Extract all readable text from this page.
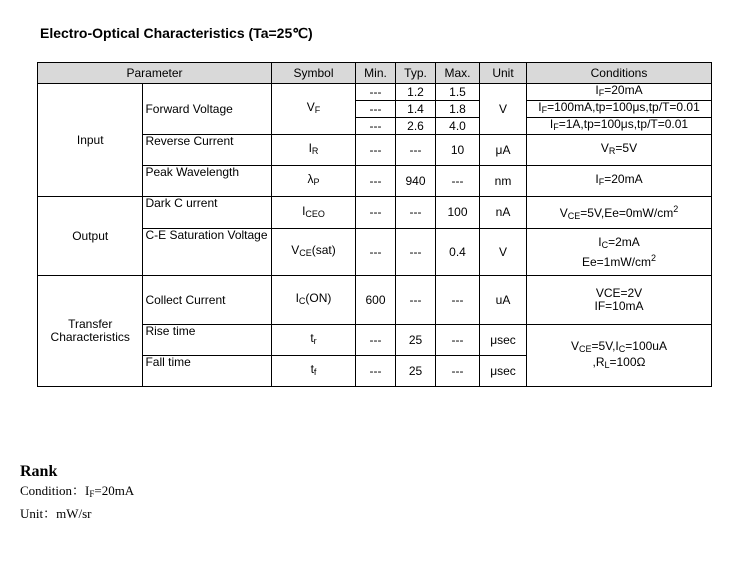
Electro-Optical Characteristics (Ta=25℃)
Parameter		Symbol	Min.	Typ.	Max.	Unit	Conditions
Input	Forward Voltage	$V_F$	---	1.2	1.5	V	$I_F=20mA$
			---	1.4	1.8		$I_F=100mA,tp=100\mu s,tp/T=0.01$
			---	2.6	4.0		$I_F=1A,tp=100\mu s,tp/T=0.01$
	Reverse Current	$I_R$	---	---	10	μA	$V_R=5V$
	Peak Wavelength	$\lambda_P$	---	940	---	nm	$I_F=20mA$
Output	Dark C urrent	$I_{CEO}$	---	---	100	nA	$V_{CE}=5V,Ee=0mW/cm^2$
	C-E Saturation Voltage	$V_{CE}(sat)$	---	---	0.4	V	$I_C=2mA$
$Ee=1mW/cm^2$

Transfer Characteristics	Collect Current	$I_C(ON)$	600	---	---	uA	VCE=2V
IF=10mA

	Rise time	$t_r$	---	25	---	μsec	$V_{CE}=5V,I_C=100uA$
$,R_L=100\Omega$

	Fall time	$t_f$	---	25	---	μsec	
Rank
Condition：$I_F=20mA$
Unit：mW/sr
